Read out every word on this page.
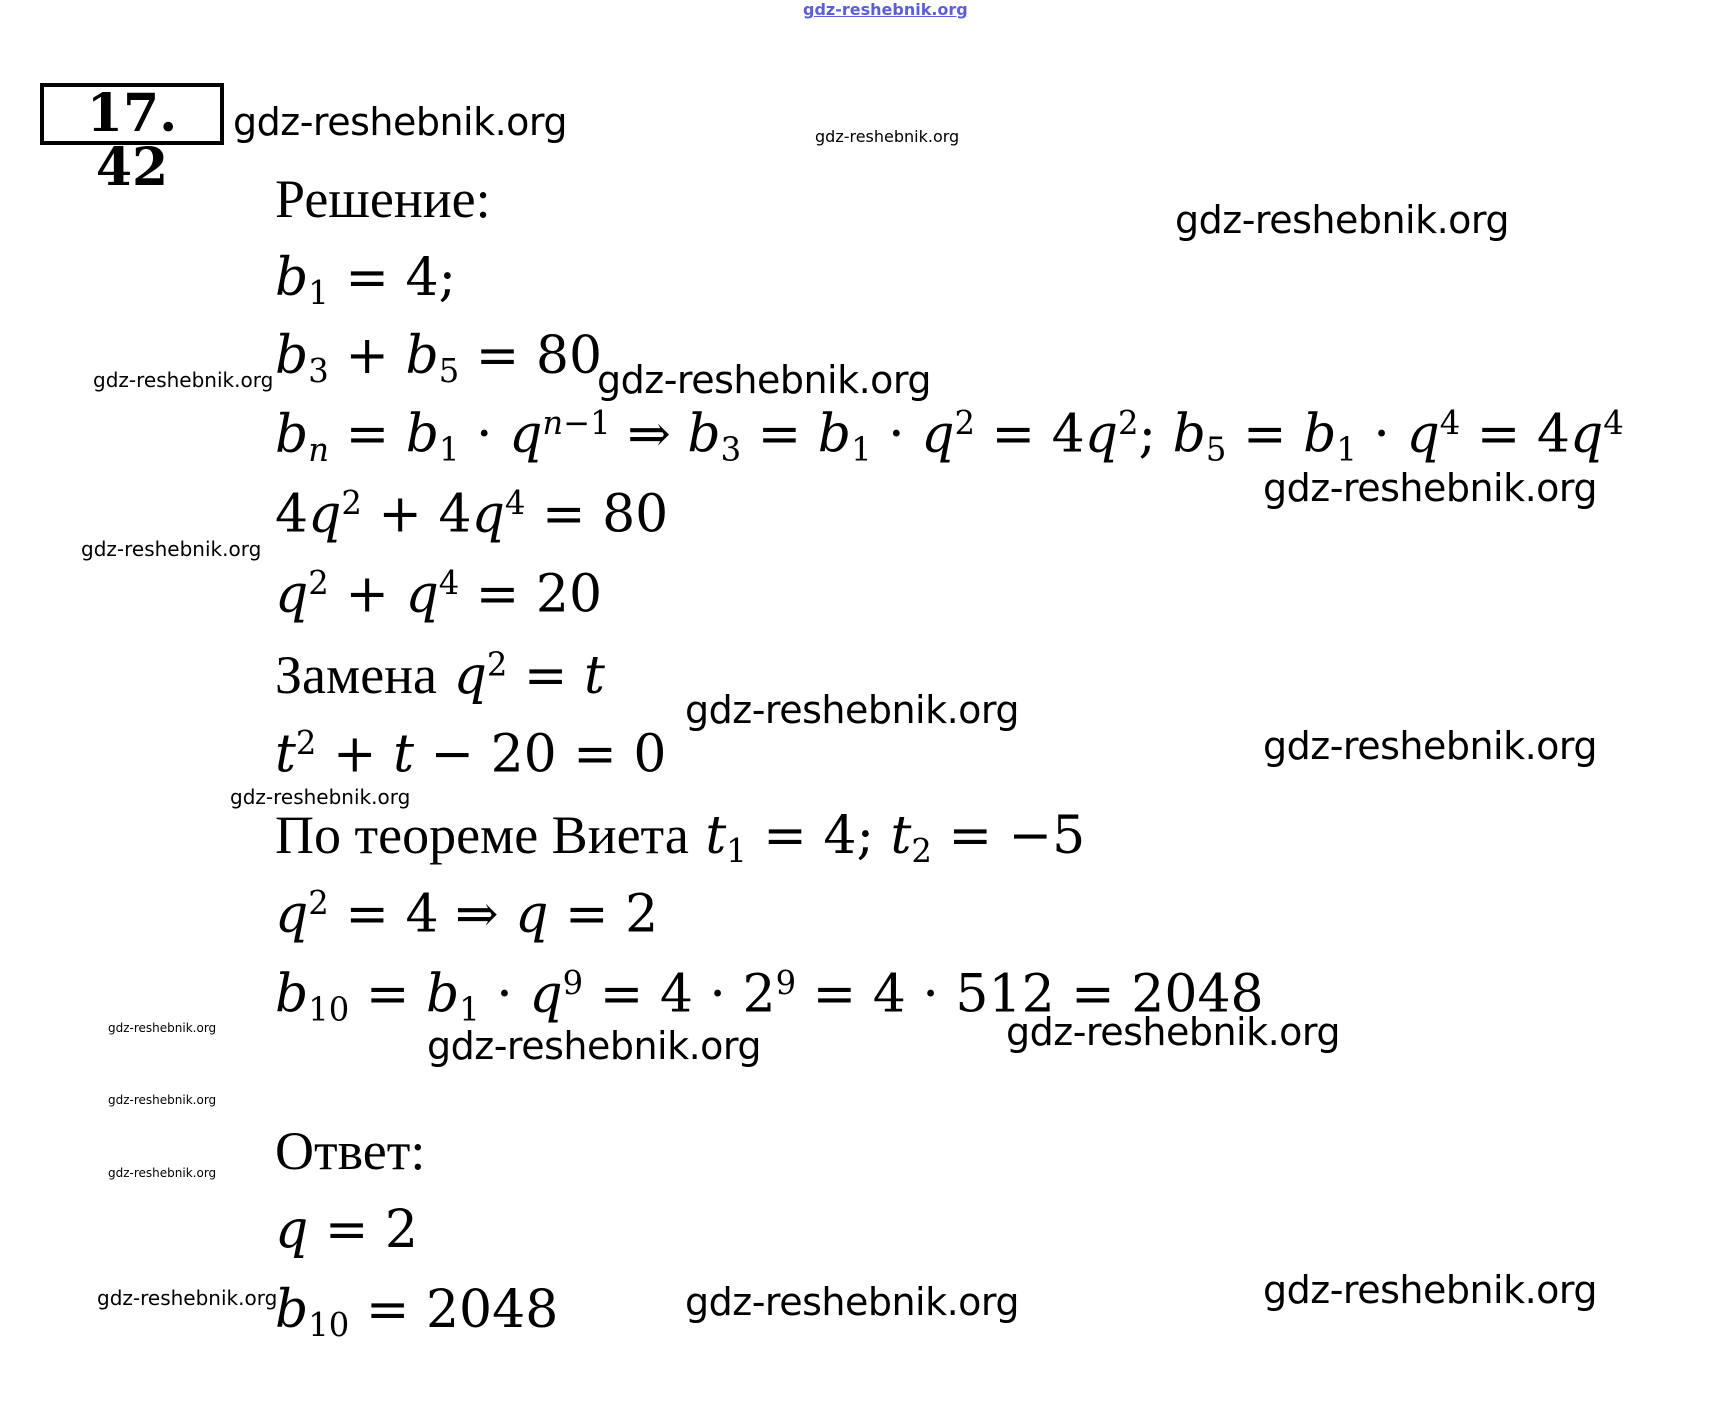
17. 42
gdz-reshebnik.org
gdz-reshebnik.org	gdz-reshebnik.org
gdz-reshebnik.org
gdz-reshebnik.org	gdz-reshebnik.org
gdz-reshebnik.org
gdz-reshebnik.org
gdz-reshebnik.org
gdz-reshebnik.org
gdz-reshebnik.org
gdz-reshebnik.org	gdz-reshebnik.org	gdz-reshebnik.org
gdz-reshebnik.org
gdz-reshebnik.org
gdz-reshebnik.org	gdz-reshebnik.org	gdz-reshebnik.org
Решение:
$b_1 = 4$;
$b_3 + b_5 = 80$
$b_n = b_1 \cdot q^{n-1}$ ⇒ $b_3 = b_1 \cdot q^2 = 4q^2$; $b_5 = b_1 \cdot q^4 = 4q^4$
$4q^2 + 4q^4 = 80$
$q^2 + q^4 = 20$
Замена $q^2 = t$
$t^2 + t - 20 = 0$
По теореме Виета $t_1 = 4$; $t_2 = -5$
$q^2 = 4$ ⇒ q = 2
$b_{10} = b_1 \cdot q^9 = 4 \cdot 2^9 = 4 \cdot 512 = 2048$
Ответ:
q = 2
$b_{10} = 2048$
